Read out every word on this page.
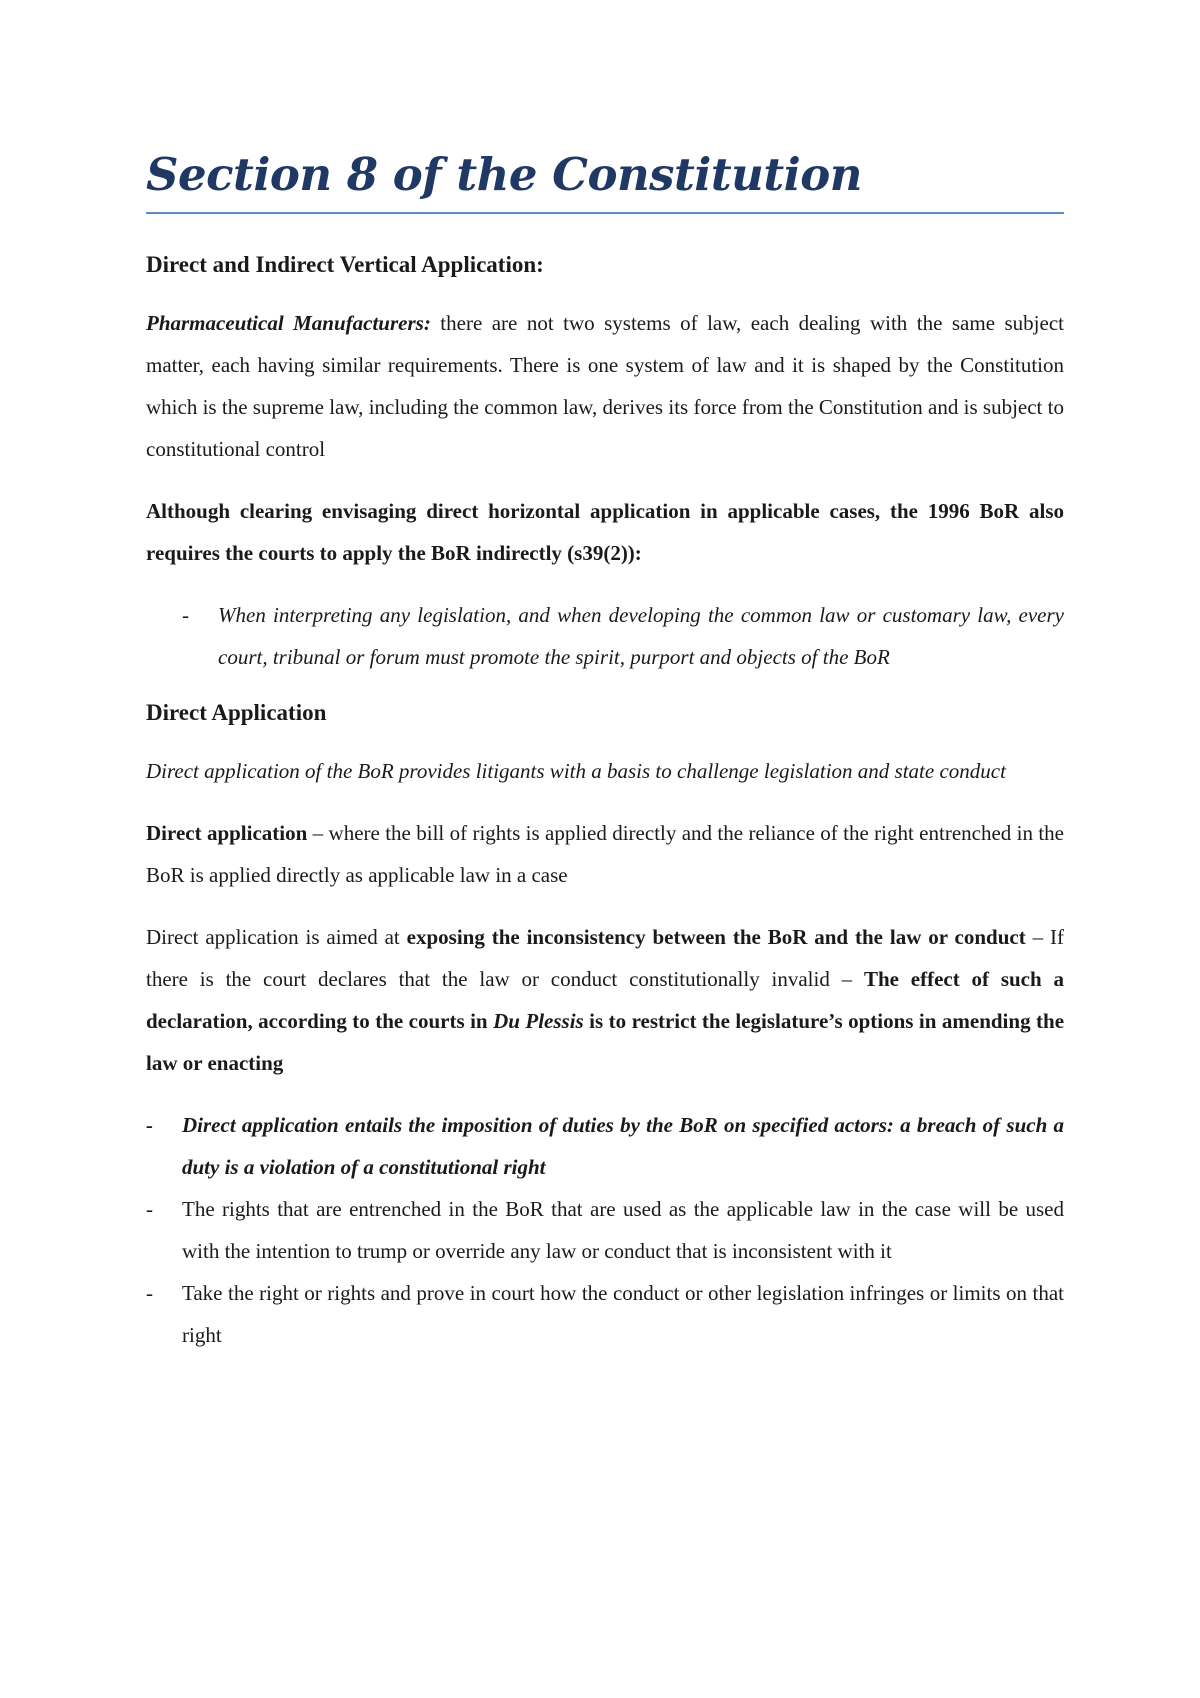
Section 8 of the Constitution
Direct and Indirect Vertical Application:

Pharmaceutical Manufacturers: there are not two systems of law, each dealing with the same subject matter, each having similar requirements. There is one system of law and it is shaped by the Constitution which is the supreme law, including the common law, derives its force from the Constitution and is subject to constitutional control

Although clearing envisaging direct horizontal application in applicable cases, the 1996 BoR also requires the courts to apply the BoR indirectly (s39(2)):

- When interpreting any legislation, and when developing the common law or customary law, every court, tribunal or forum must promote the spirit, purport and objects of the BoR
Direct Application

Direct application of the BoR provides litigants with a basis to challenge legislation and state conduct

Direct application – where the bill of rights is applied directly and the reliance of the right entrenched in the BoR is applied directly as applicable law in a case

Direct application is aimed at exposing the inconsistency between the BoR and the law or conduct – If there is the court declares that the law or conduct constitutionally invalid – The effect of such a declaration, according to the courts in Du Plessis is to restrict the legislature’s options in amending the law or enacting

- Direct application entails the imposition of duties by the BoR on specified actors: a breach of such a duty is a violation of a constitutional right
- The rights that are entrenched in the BoR that are used as the applicable law in the case will be used with the intention to trump or override any law or conduct that is inconsistent with it
- Take the right or rights and prove in court how the conduct or other legislation infringes or limits on that right
